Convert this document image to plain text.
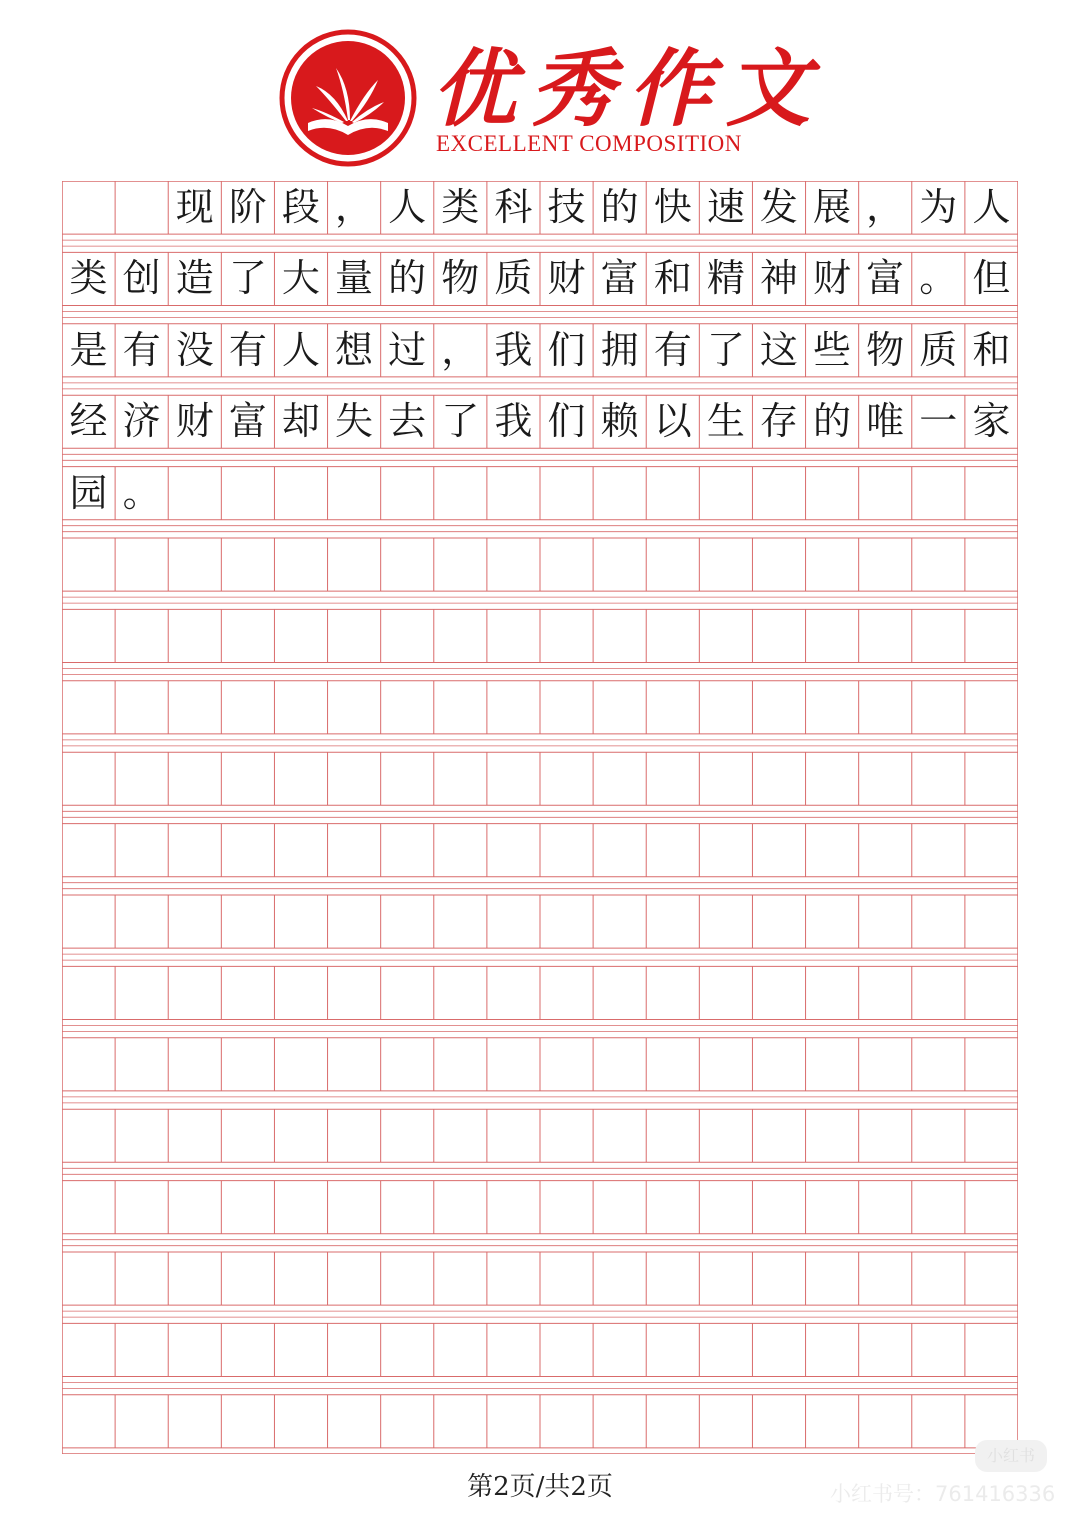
优秀作文
EXCELLENT COMPOSITION
现 阶 段 ， 人 类 科 技 的 快 速 发 展 ， 为 人
类 创 造 了 大 量 的 物 质 财 富 和 精 神 财 富 。 但
是 有 没 有 人 想 过 ， 我 们 拥 有 了 这 些 物 质 和
经 济 财 富 却 失 去 了 我 们 赖 以 生 存 的 唯 一 家
园 。
第2页/共2页
小红书
小红书号：761416336
